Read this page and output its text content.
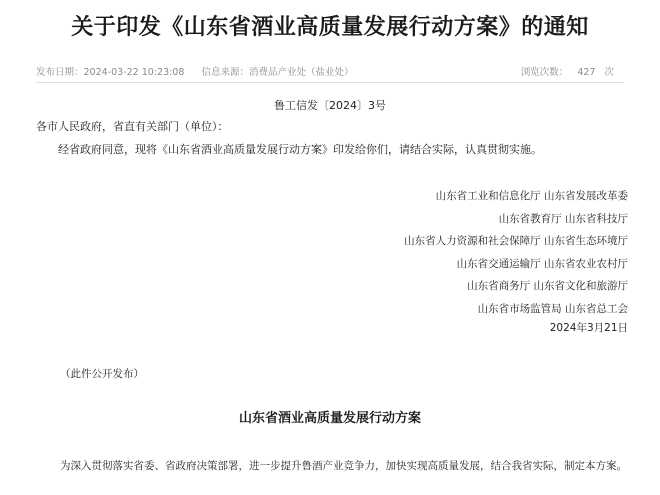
关于印发《山东省酒业高质量发展行动方案》的通知
发布日期：2024-03-22 10:23:08 信息来源：消费品产业处（盐业处）	浏览次数： 427 次
鲁工信发〔2024〕3号
各市人民政府，省直有关部门（单位）：
经省政府同意，现将《山东省酒业高质量发展行动方案》印发给你们，请结合实际，认真贯彻实施。
山东省工业和信息化厅 山东省发展改革委
山东省教育厅 山东省科技厅
山东省人力资源和社会保障厅 山东省生态环境厅
山东省交通运输厅 山东省农业农村厅
山东省商务厅 山东省文化和旅游厅
山东省市场监管局 山东省总工会
2024年3月21日
（此件公开发布）
山东省酒业高质量发展行动方案
为深入贯彻落实省委、省政府决策部署，进一步提升鲁酒产业竞争力，加快实现高质量发展，结合我省实际，制定本方案。
